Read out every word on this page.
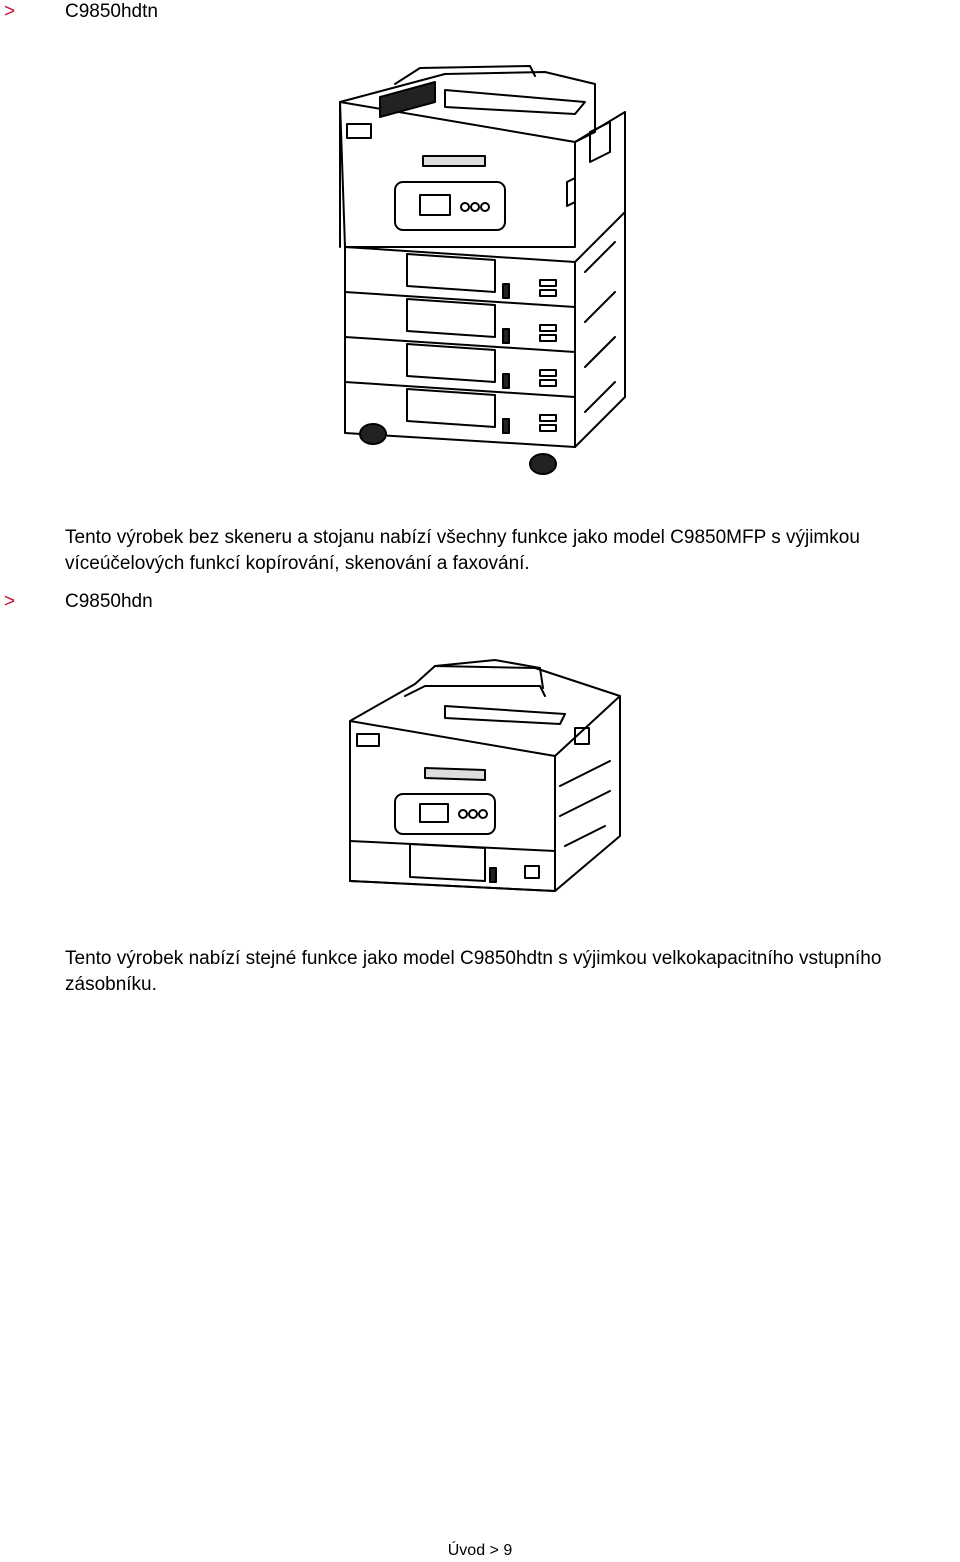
>	C9850hdtn
Tento výrobek bez skeneru a stojanu nabízí všechny funkce jako model C9850MFP s výjimkou víceúčelových funkcí kopírování, skenování a faxování.
>	C9850hdn
Tento výrobek nabízí stejné funkce jako model C9850hdtn s výjimkou velkokapacitního vstupního zásobníku.
Úvod > 9
